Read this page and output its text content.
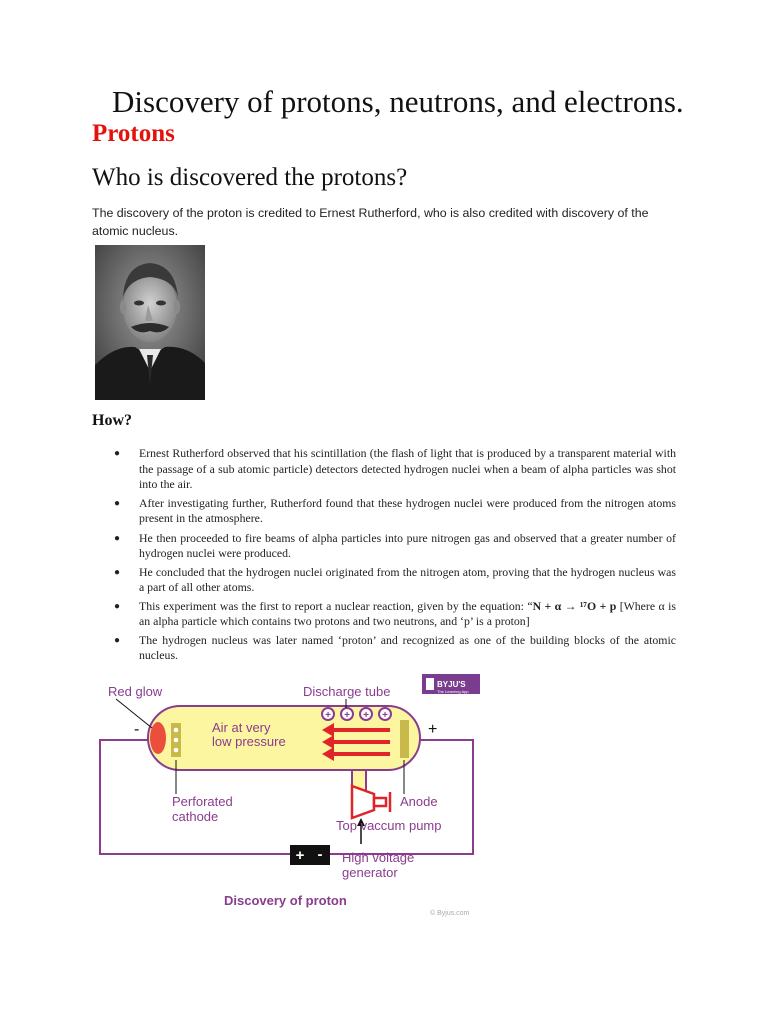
Discovery of protons, neutrons, and electrons.
Protons
Who is discovered the protons?
The discovery of the proton is credited to Ernest Rutherford, who is also credited with discovery of the atomic nucleus.
How?
● Ernest Rutherford observed that his scintillation (the flash of light that is produced by a transparent material with the passage of a sub atomic particle) detectors detected hydrogen nuclei when a beam of alpha particles was shot into the air.
● After investigating further, Rutherford found that these hydrogen nuclei were produced from the nitrogen atoms present in the atmosphere.
● He then proceeded to fire beams of alpha particles into pure nitrogen gas and observed that a greater number of hydrogen nuclei were produced.
● He concluded that the hydrogen nuclei originated from the nitrogen atom, proving that the hydrogen nucleus was a part of all other atoms.
● This experiment was the first to report a nuclear reaction, given by the equation: “N + α → ¹⁷O + p [Where α is an alpha particle which contains two protons and two neutrons, and ‘p’ is a proton]
● The hydrogen nucleus was later named ‘proton’ and recognized as one of the building blocks of the atomic nucleus.
+ + + +
+ -
Red glow	Discharge tube
Perforated
cathode
Anode
Top vaccum pump
High voltage
generator
Air at very
low pressure
-	+
Discovery of proton
BYJU'S
The Learning App
© Byjus.com
